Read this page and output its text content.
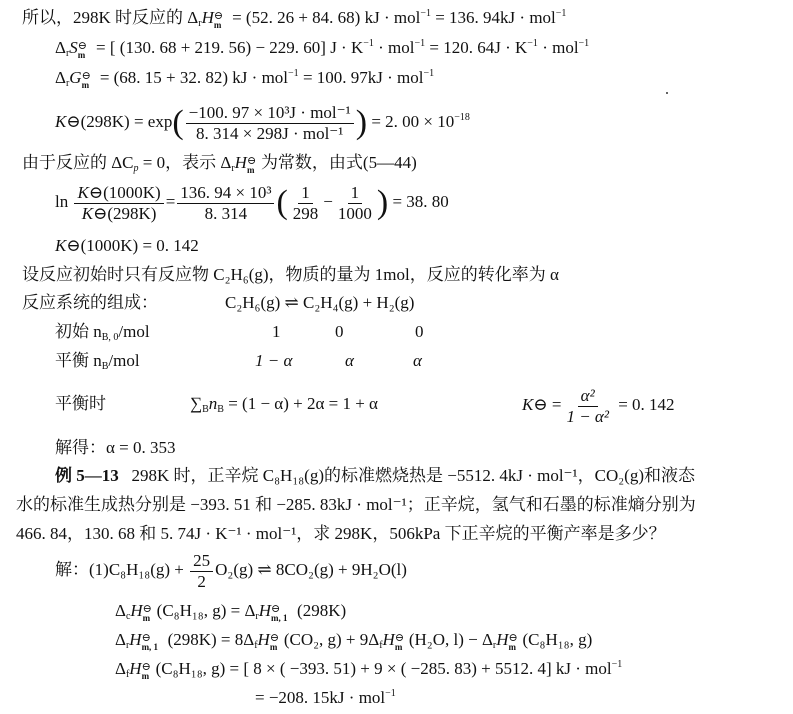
所以，298K 时反应的 $\Delta_rH$ ⊖
m = (52. 26 + 84. 68) kJ · mol$^{-1}$ = 136. 94kJ · mol$^{-1}$
$\Delta_rS$ ⊖
m = [ (130. 68 + 219. 56) − 229. 60] $J \cdot K^{-1} \cdot mol^{-1} = 120$. $64J \cdot K^{-1} \cdot mol^{-1}$
$\Delta_rG$ ⊖
m = (68. 15 + 32. 82) kJ · mol$^{-1}$ = 100. 97kJ · mol$^{-1}$
K⊖(298K) = $\exp( \frac{\text{−100. 97 × 10³J · mol⁻¹}}{\text{8. 314 × 298J · mol⁻¹}}$ ) = 2. $00 \times 10^{-18}$
由于反应的 $\Delta C_p = 0$，表示 $\Delta_rH$ ⊖
m 为常数，由式(5—44)
$\ln \frac{K⊖(1000K)}{K⊖(298K)} = \frac{\text{136. 94 × 10³}}{8. 314}$ ( $\frac{1}{298} - \frac{1}{1000}$ ) = 38. 80
K⊖(1000K) = 0. 142
设反应初始时只有反应物 C₂H₆(g)，物质的量为 1mol，反应的转化率为 α
反应系统的组成：	C₂H₆(g) ⇌ C₂H₄(g) + H₂(g)
初始 $n_{B, 0}$/mol	1	0	0
平衡 $n_B$/mol	1 − α	α	α
平衡时	$\sum_Bn_B = (1 - \alpha) + 2\alpha = 1 + \alpha$	K⊖ = $\frac{\text{α²}}{\text{1 − α²}} = 0$. 142
解得：α = 0. 353
例 5—13 298K 时，正辛烷 C₈H₁₈(g)的标准燃烧热是 −5512. 4kJ · mol⁻¹，CO₂(g)和液态
水的标准生成热分别是 −393. 51 和 −285. 83kJ · mol⁻¹；正辛烷，氢气和石墨的标准熵分别为
466. 84，130. 68 和 5. 74J · K⁻¹ · mol⁻¹，求 298K，506kPa 下正辛烷的平衡产率是多少？
解：$(1)C_8H_{18}(g) + \frac{25}{2} O_2(g)$ ⇌ 8CO₂(g) + 9H₂O(l)
$\Delta_cH$ ⊖
m (C₈H₁₈, $g) = \Delta_rH$ ⊖
m, 1 (298K)
$\Delta_rH$ ⊖
m, 1 $(298K) = 8\Delta_fH$ ⊖
m (CO₂, $g) + 9\Delta_fH$ ⊖
m (H₂O, $l) - \Delta_rH$ ⊖
m (C₈H₁₈, g)
$\Delta_fH$ ⊖
m (C₈H₁₈, g) = [ 8 × ( −393. 51) + 9 × ( −285. 83) + 5512. 4] kJ · mol$^{-1}$
= −208. 15kJ · mol$^{-1}$
